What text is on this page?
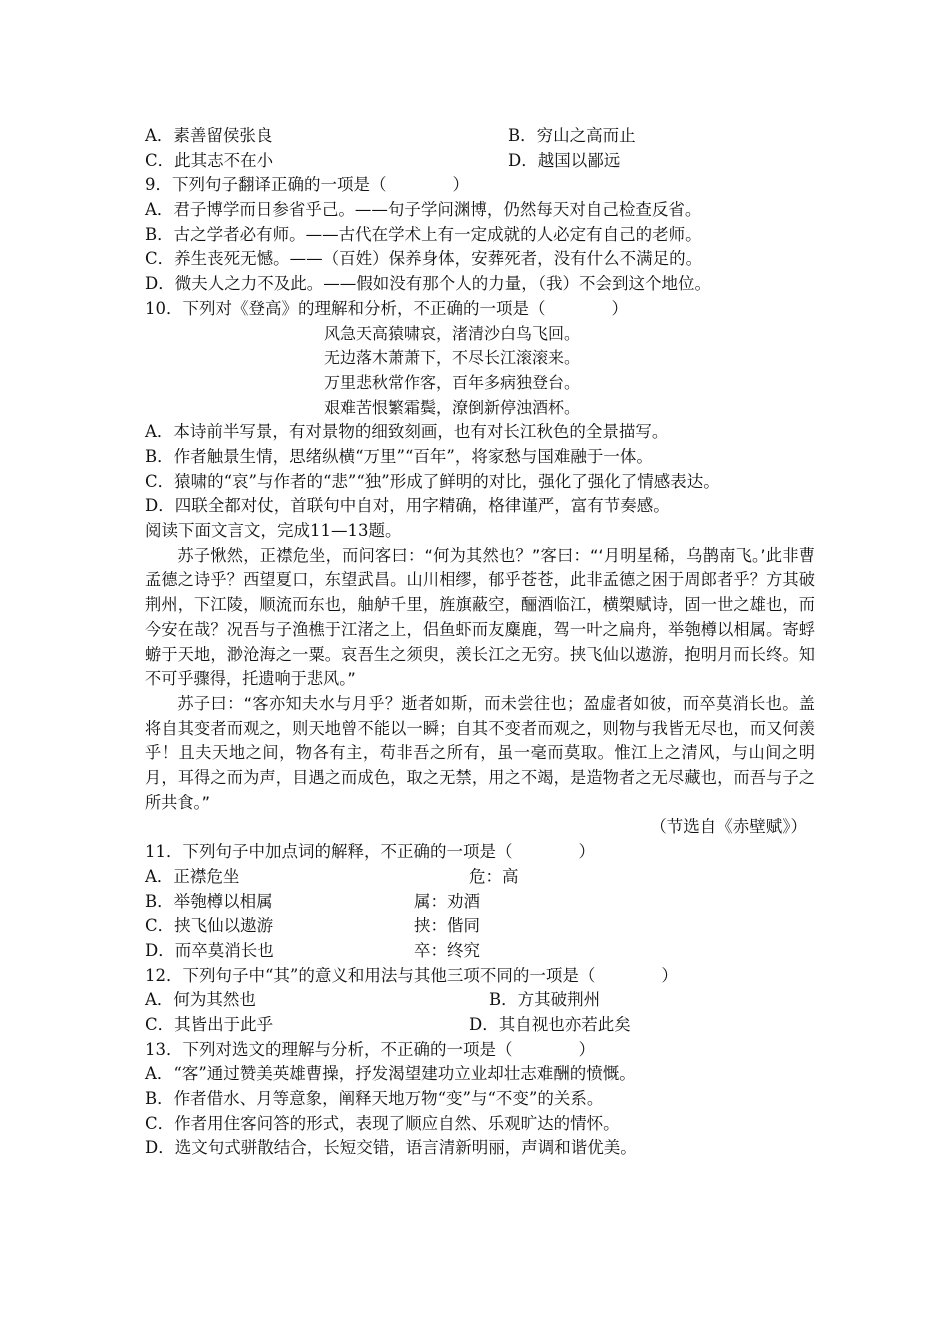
A．素善留侯张良	B．穷山之高而止
C．此其志不在小	D．越国以鄙远
9．下列句子翻译正确的一项是（　　　　）
A．君子博学而日参省乎己。——句子学问渊博，仍然每天对自己检查反省。
B．古之学者必有师。——古代在学术上有一定成就的人必定有自己的老师。
C．养生丧死无憾。——（百姓）保养身体，安葬死者，没有什么不满足的。
D．微夫人之力不及此。——假如没有那个人的力量，（我）不会到这个地位。
10．下列对《登高》的理解和分析，不正确的一项是（　　　　）
风急天高猿啸哀，渚清沙白鸟飞回。
无边落木萧萧下，不尽长江滚滚来。
万里悲秋常作客，百年多病独登台。
艰难苦恨繁霜鬓，潦倒新停浊酒杯。
A．本诗前半写景，有对景物的细致刻画，也有对长江秋色的全景描写。
B．作者触景生情，思绪纵横“万里”“百年”，将家愁与国难融于一体。
C．猿啸的“哀”与作者的“悲”“独”形成了鲜明的对比，强化了强化了情感表达。
D．四联全都对仗，首联句中自对，用字精确，格律谨严，富有节奏感。
阅读下面文言文，完成11—13题。
苏子愀然，正襟危坐，而问客曰：“何为其然也？”客曰：“‘月明星稀，乌鹊南飞。’此非曹孟德之诗乎？西望夏口，东望武昌。山川相缪，郁乎苍苍，此非孟德之困于周郎者乎？方其破荆州，下江陵，顺流而东也，舳舻千里，旌旗蔽空，酾酒临江，横槊赋诗，固一世之雄也，而今安在哉？况吾与子渔樵于江渚之上，侣鱼虾而友麋鹿，驾一叶之扁舟，举匏樽以相属。寄蜉蝣于天地，渺沧海之一粟。哀吾生之须臾，羡长江之无穷。挟飞仙以遨游，抱明月而长终。知不可乎骤得，托遗响于悲风。”
苏子曰：“客亦知夫水与月乎？逝者如斯，而未尝往也；盈虚者如彼，而卒莫消长也。盖将自其变者而观之，则天地曾不能以一瞬；自其不变者而观之，则物与我皆无尽也，而又何羡乎！且夫天地之间，物各有主，苟非吾之所有，虽一毫而莫取。惟江上之清风，与山间之明月，耳得之而为声，目遇之而成色，取之无禁，用之不竭，是造物者之无尽藏也，而吾与子之所共食。”
（节选自《赤壁赋》）
11．下列句子中加点词的解释，不正确的一项是（　　　　）
A．正襟危坐	危：高
B．举匏樽以相属	属：劝酒
C．挟飞仙以遨游	挟：偕同
D．而卒莫消长也	卒：终究
12．下列句子中“其”的意义和用法与其他三项不同的一项是（　　　　）
A．何为其然也	B．方其破荆州
C．其皆出于此乎	D．其自视也亦若此矣
13．下列对选文的理解与分析，不正确的一项是（　　　　）
A．“客”通过赞美英雄曹操，抒发渴望建功立业却壮志难酬的愤慨。
B．作者借水、月等意象，阐释天地万物“变”与“不变”的关系。
C．作者用住客问答的形式，表现了顺应自然、乐观旷达的情怀。
D．选文句式骈散结合，长短交错，语言清新明丽，声调和谐优美。
